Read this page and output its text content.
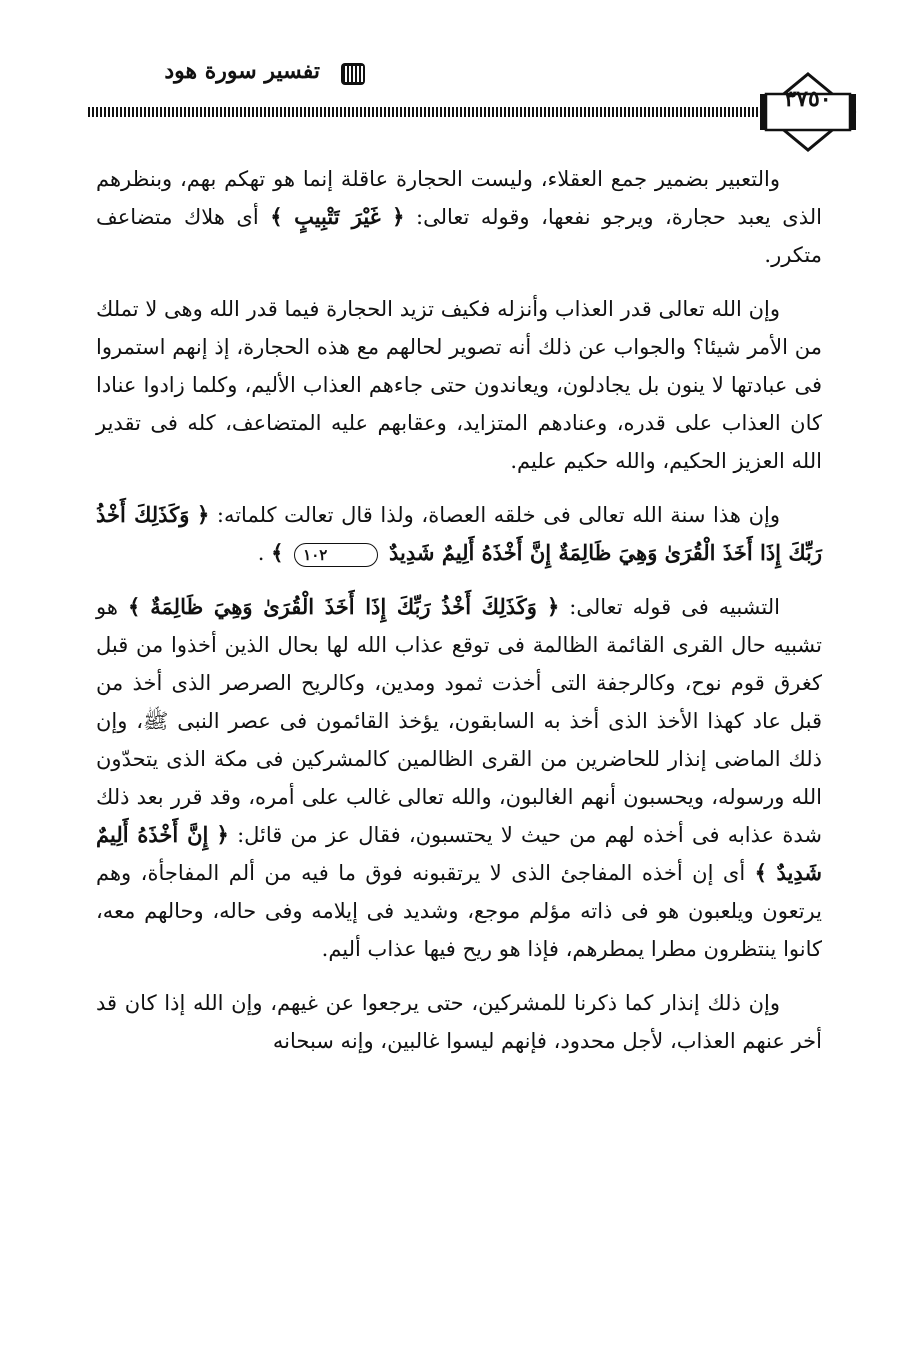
تفسير سورة هود
٣٧٥٠

والتعبير بضمير جمع العقلاء، وليست الحجارة عاقلة إنما هو تهكم بهم، وبنظرهم الذى يعبد حجارة، ويرجو نفعها، وقوله تعالى: ﴿ غَيْرَ تَتْبِيبٍ ﴾ أى هلاك متضاعف متكرر.

وإن الله تعالى قدر العذاب وأنزله فكيف تزيد الحجارة فيما قدر الله وهى لا تملك من الأمر شيئا؟ والجواب عن ذلك أنه تصوير لحالهم مع هذه الحجارة، إذ إنهم استمروا فى عبادتها لا ينون بل يجادلون، ويعاندون حتى جاءهم العذاب الأليم، وكلما زادوا عنادا كان العذاب على قدره، وعنادهم المتزايد، وعقابهم عليه المتضاعف، كله فى تقدير الله العزيز الحكيم، والله حكيم عليم.

وإن هذا سنة الله تعالى فى خلقه العصاة، ولذا قال تعالت كلماته: ﴿ وَكَذَلِكَ أَخْذُ رَبِّكَ إِذَا أَخَذَ الْقُرَىٰ وَهِيَ ظَالِمَةٌ إِنَّ أَخْذَهُ أَلِيمٌ شَدِيدٌ ١٠٢ ﴾ .

التشبيه فى قوله تعالى: ﴿ وَكَذَلِكَ أَخْذُ رَبِّكَ إِذَا أَخَذَ الْقُرَىٰ وَهِيَ ظَالِمَةٌ ﴾ هو تشبيه حال القرى القائمة الظالمة فى توقع عذاب الله لها بحال الذين أخذوا من قبل كغرق قوم نوح، وكالرجفة التى أخذت ثمود ومدين، وكالريح الصرصر الذى أخذ من قبل عاد كهذا الأخذ الذى أخذ به السابقون، يؤخذ القائمون فى عصر النبى ﷺ، وإن ذلك الماضى إنذار للحاضرين من القرى الظالمين كالمشركين فى مكة الذى يتحدّون الله ورسوله، ويحسبون أنهم الغالبون، والله تعالى غالب على أمره، وقد قرر بعد ذلك شدة عذابه فى أخذه لهم من حيث لا يحتسبون، فقال عز من قائل: ﴿ إِنَّ أَخْذَهُ أَلِيمٌ شَدِيدٌ ﴾ أى إن أخذه المفاجئ الذى لا يرتقبونه فوق ما فيه من ألم المفاجأة، وهم يرتعون ويلعبون هو فى ذاته مؤلم موجع، وشديد فى إيلامه وفى حاله، وحالهم معه، كانوا ينتظرون مطرا يمطرهم، فإذا هو ريح فيها عذاب أليم.

وإن ذلك إنذار كما ذكرنا للمشركين، حتى يرجعوا عن غيهم، وإن الله إذا كان قد أخر عنهم العذاب، لأجل محدود، فإنهم ليسوا غالبين، وإنه سبحانه
